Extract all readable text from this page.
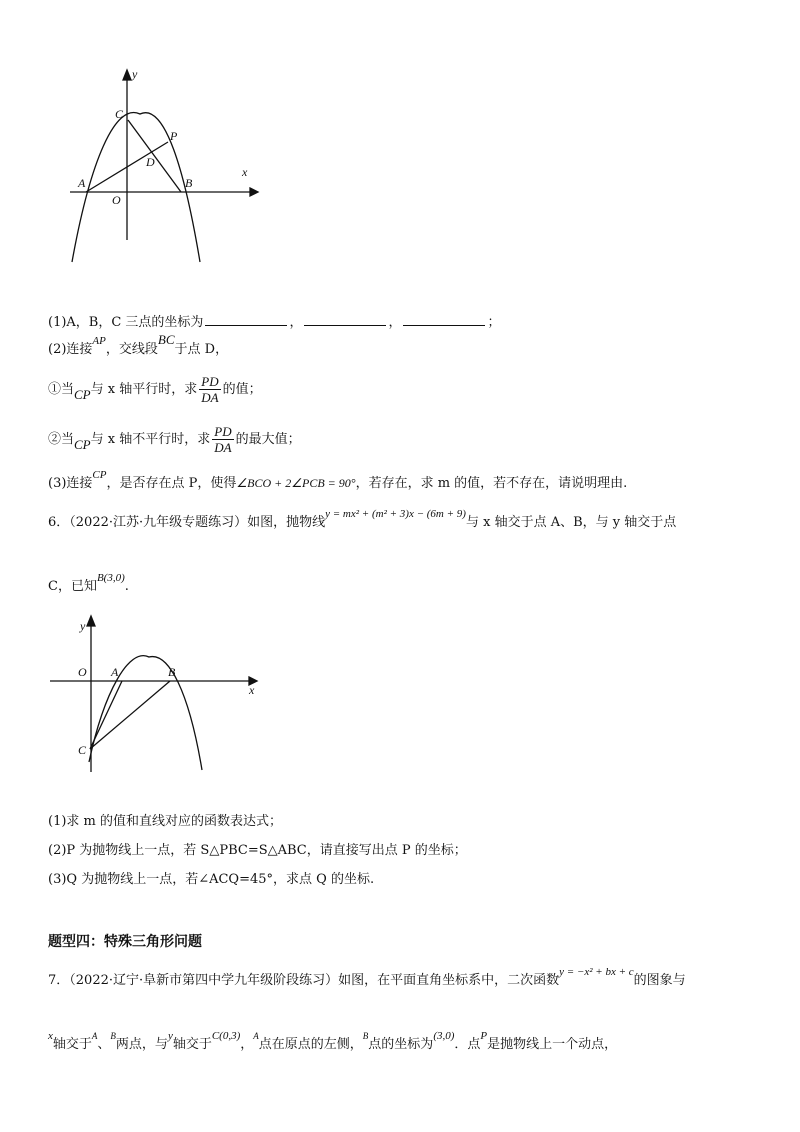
y
x
C
P
D
A	B
O
(1)A，B，C 三点的坐标为	，	，	；
(2)连接$^{AP}$，交线段BC于点 D，
①当CP与 x 轴平行时，求 $\frac{PD}{DA}$ 的值；
②当CP与 x 轴不平行时，求 $\frac{PD}{DA}$ 的最大值；
(3)连接$^{CP}$，是否存在点 P，使得∠BCO + 2∠PCB = 90°，若存在，求 m 的值，若不存在，请说明理由.
6．（2022·江苏·九年级专题练习）如图，抛物线$^{y = mx^2 + (m^2 + 3)x - (6m + 9)}$与 x 轴交于点 A、B，与 y 轴交于点
C，已知$^{B(3,0)}$.
y
x
O A	B
C
(1)求 m 的值和直线对应的函数表达式；
(2)P 为抛物线上一点，若 S△PBC=S△ABC，请直接写出点 P 的坐标；
(3)Q 为抛物线上一点，若∠ACQ=45°，求点 Q 的坐标.
题型四：特殊三角形问题
7．（2022·辽宁·阜新市第四中学九年级阶段练习）如图，在平面直角坐标系中，二次函数$^{y = -x^2 + bx + c}$的图象与
$^x$轴交于$^A$、$^B$两点，与$^y$轴交于$^{C(0,3)}$，$^A$点在原点的左侧，$^B$点的坐标为$^{(3,0)}$．点$^P$是抛物线上一个动点，
